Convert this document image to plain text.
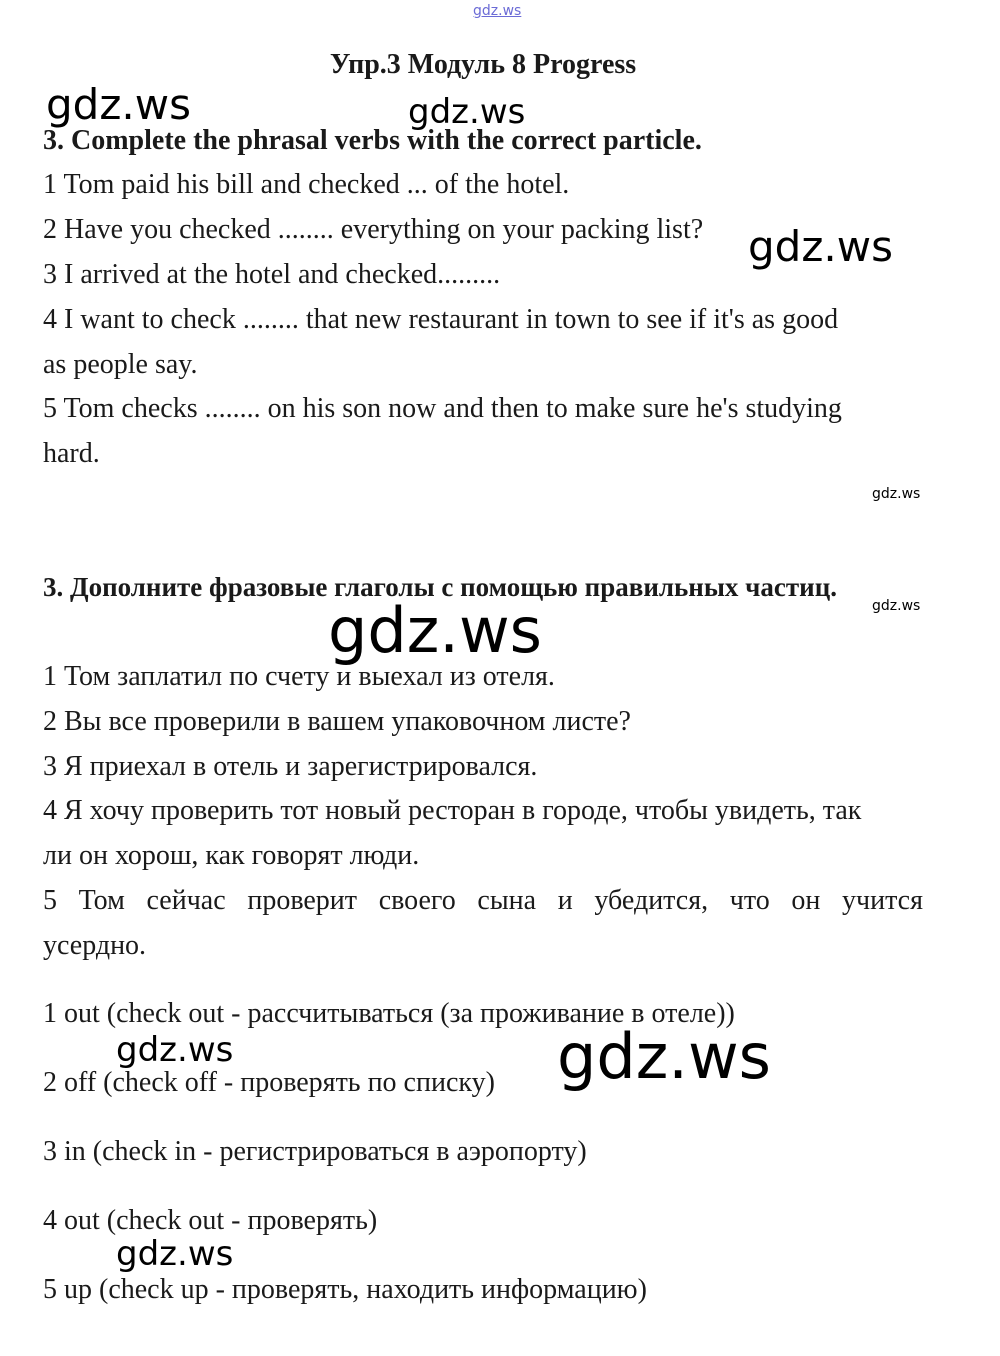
gdz.ws
gdz.ws	gdz.ws
gdz.ws
gdz.ws
gdz.ws
gdz.ws
gdz.ws	gdz.ws
gdz.ws
Упр.3 Модуль 8 Progress
3. Complete the phrasal verbs with the correct particle.
1 Tom paid his bill and checked ... of the hotel.
2 Have you checked ........ everything on your packing list?
3 I arrived at the hotel and checked.........
4 I want to check ........ that new restaurant in town to see if it's as good
as people say.
5 Tom checks ........ on his son now and then to make sure he's studying
hard.
3. Дополните фразовые глаголы с помощью правильных частиц.
1 Том заплатил по счету и выехал из отеля.
2 Вы все проверили в вашем упаковочном листе?
3 Я приехал в отель и зарегистрировался.
4 Я хочу проверить тот новый ресторан в городе, чтобы увидеть, так
ли он хорош, как говорят люди.
5 Том сейчас проверит своего сына и убедится, что он учится
усердно.
1 out (check out - рассчитываться (за проживание в отеле))
2 off (check off - проверять по списку)
3 in (check in - регистрироваться в аэропорту)
4 out (check out - проверять)
5 up (check up - проверять, находить информацию)
